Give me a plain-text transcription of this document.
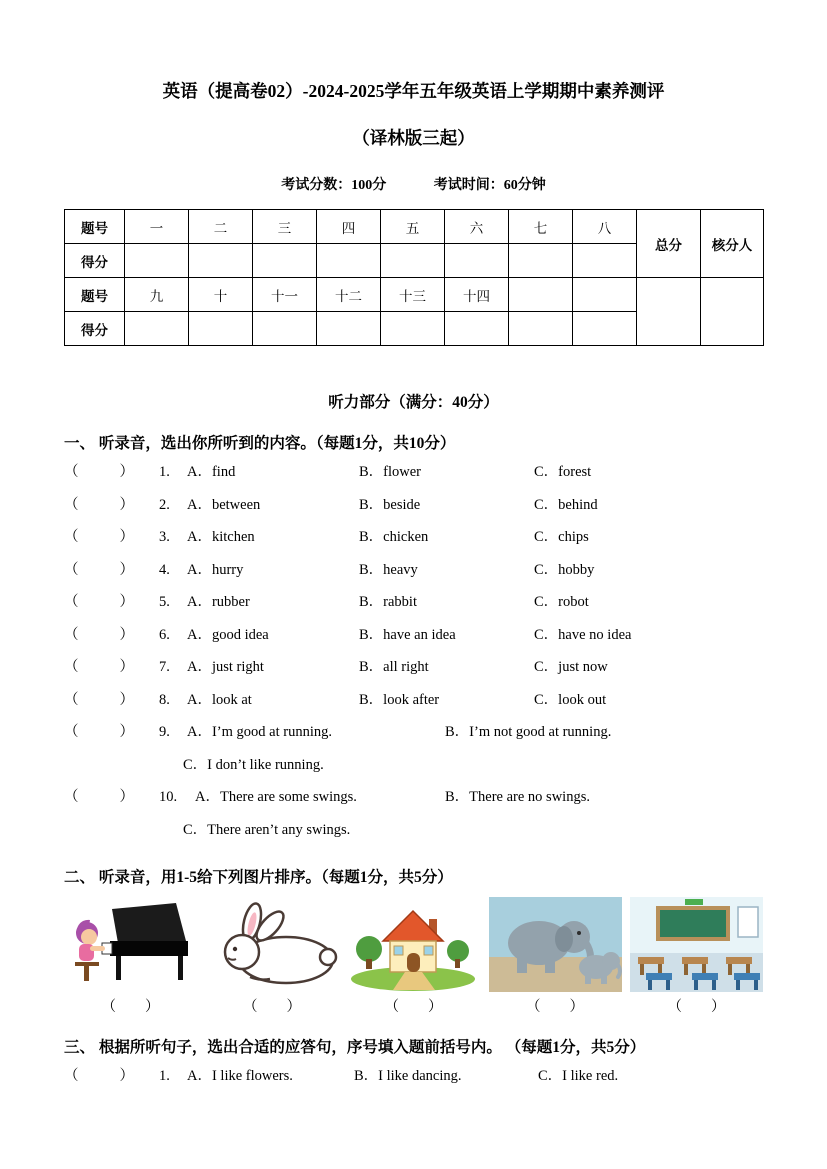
英语（提高卷02）-2024-2025学年五年级英语上学期期中素养测评
（译林版三起）
考试分数：100分	考试时间：60分钟
题号	一	二	三	四	五	六	七	八	总分	核分人
得分										
题号	九	十	十一	十二	十三	十四				
得分										
听力部分（满分：40分）
一、 听录音，选出你所听到的内容。（每题1分，共10分）
（	） 1.	A．find	B．flower	C．forest
（	） 2.	A．between	B．beside	C．behind
（	） 3.	A．kitchen	B．chicken	C．chips
（	） 4.	A．hurry	B．heavy	C．hobby
（	） 5.	A．rubber	B．rabbit	C．robot
（	） 6.	A．good idea	B．have an idea	C．have no idea
（	） 7.	A．just right	B．all right	C．just now
（	） 8.	A．look at	B．look after	C．look out
（	） 9.	A．I’m good at running.	B．I’m not good at running.
C．I don’t like running.
（	） 10.	A．There are some swings.	B．There are no swings.
C．There aren’t any swings.
二、 听录音，用1-5给下列图片排序。（每题1分，共5分）
（ ）	（ ）	（ ）	（ ）	（ ）
三、 根据所听句子，选出合适的应答句，序号填入题前括号内。 （每题1分，共5分）
（	） 1.	A．I like flowers.	B．I like dancing.	C．I like red.
